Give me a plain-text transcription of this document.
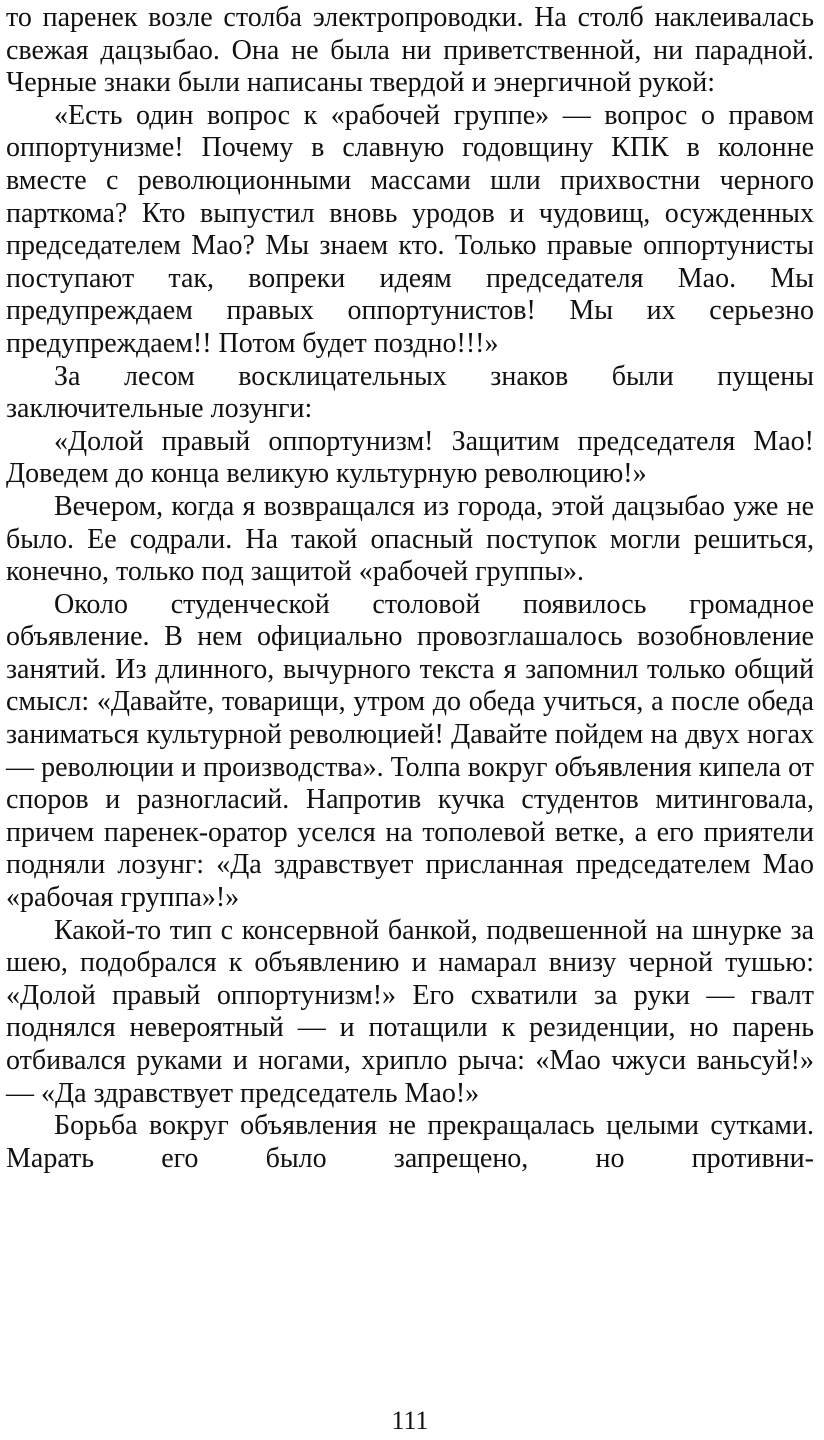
то паренек возле столба электропроводки. На столб наклеивалась свежая дацзыбао. Она не была ни приветственной, ни парадной. Черные знаки были написаны твердой и энергичной рукой:

«Есть один вопрос к «рабочей группе» — вопрос о правом оппортунизме! Почему в славную годовщину КПК в колонне вместе с революционными массами шли прихвостни черного парткома? Кто выпустил вновь уродов и чудовищ, осужденных председателем Мао? Мы знаем кто. Только правые оппортунисты поступают так, вопреки идеям председателя Мао. Мы предупреждаем правых оппортунистов! Мы их серьезно предупреждаем!! Потом будет поздно!!!»

За лесом восклицательных знаков были пущены заключительные лозунги:

«Долой правый оппортунизм! Защитим председателя Мао! Доведем до конца великую культурную революцию!»

Вечером, когда я возвращался из города, этой дацзыбао уже не было. Ее содрали. На такой опасный поступок могли решиться, конечно, только под защитой «рабочей группы».

Около студенческой столовой появилось громадное объявление. В нем официально провозглашалось возобновление занятий. Из длинного, вычурного текста я запомнил только общий смысл: «Давайте, товарищи, утром до обеда учиться, а после обеда заниматься культурной революцией! Давайте пойдем на двух ногах — революции и производства». Толпа вокруг объявления кипела от споров и разногласий. Напротив кучка студентов митинговала, причем паренек-оратор уселся на тополевой ветке, а его приятели подняли лозунг: «Да здравствует присланная председателем Мао «рабочая группа»!»

Какой-то тип с консервной банкой, подвешенной на шнурке за шею, подобрался к объявлению и намарал внизу черной тушью: «Долой правый оппортунизм!» Его схватили за руки — гвалт поднялся невероятный — и потащили к резиденции, но парень отбивался руками и ногами, хрипло рыча: «Мао чжуси ваньсуй!» — «Да здравствует председатель Мао!»

Борьба вокруг объявления не прекращалась целыми сутками. Марать его было запрещено, но противни-

111
